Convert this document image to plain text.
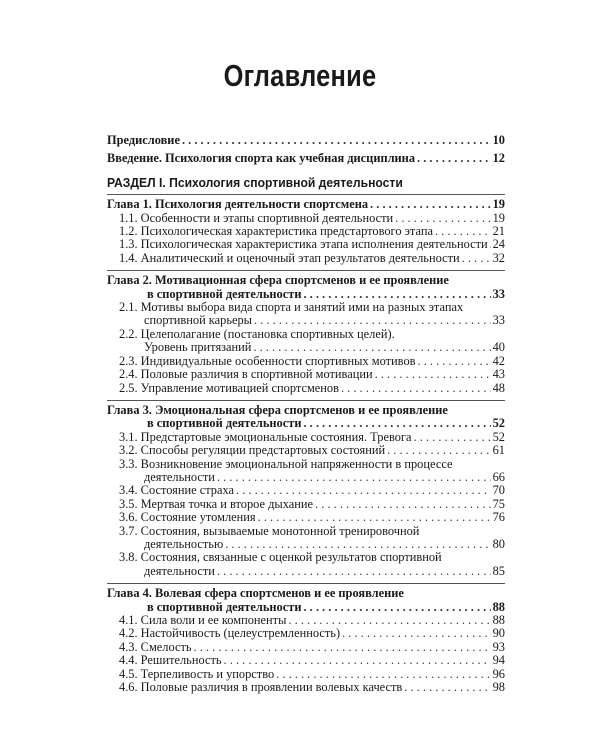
Оглавление
Предисловие . . .	10
Введение. Психология спорта как учебная дисциплина . . .	12
РАЗДЕЛ I. Психология спортивной деятельности
Глава 1. Психология деятельности спортсмена . . .	19
1.1. Особенности и этапы спортивной деятельности . . .	19
1.2. Психологическая характеристика предстартового этапа . . .	21
1.3. Психологическая характеристика этапа исполнения деятельности . . . 24
1.4. Аналитический и оценочный этап результатов деятельности . . .	32
Глава 2. Мотивационная сфера спортсменов и ее проявление
в спортивной деятельности . . .	33
2.1. Мотивы выбора вида спорта и занятий ими на разных этапах
спортивной карьеры . . .	33
2.2. Целеполагание (постановка спортивных целей).
Уровень притязаний . . .	40
2.3. Индивидуальные особенности спортивных мотивов . . .	42
2.4. Половые различия в спортивной мотивации . . .	43
2.5. Управление мотивацией спортсменов . . .	48
Глава 3. Эмоциональная сфера спортсменов и ее проявление
в спортивной деятельности . . .	52
3.1. Предстартовые эмоциональные состояния. Тревога . . .	52
3.2. Способы регуляции предстартовых состояний . . .	61
3.3. Возникновение эмоциональной напряженности в процессе
деятельности . . .	66
3.4. Состояние страха . . .	70
3.5. Мертвая точка и второе дыхание . . .	75
3.6. Состояние утомления . . .	76
3.7. Состояния, вызываемые монотонной тренировочной
деятельностью . . .	80
3.8. Состояния, связанные с оценкой результатов спортивной
деятельности . . .	85
Глава 4. Волевая сфера спортсменов и ее проявление
в спортивной деятельности . . .	88
4.1. Сила воли и ее компоненты . . .	88
4.2. Настойчивость (целеустремленность) . . .	90
4.3. Смелость . . .	93
4.4. Решительность . . .	94
4.5. Терпеливость и упорство . . .	96
4.6. Половые различия в проявлении волевых качеств . . .	98
